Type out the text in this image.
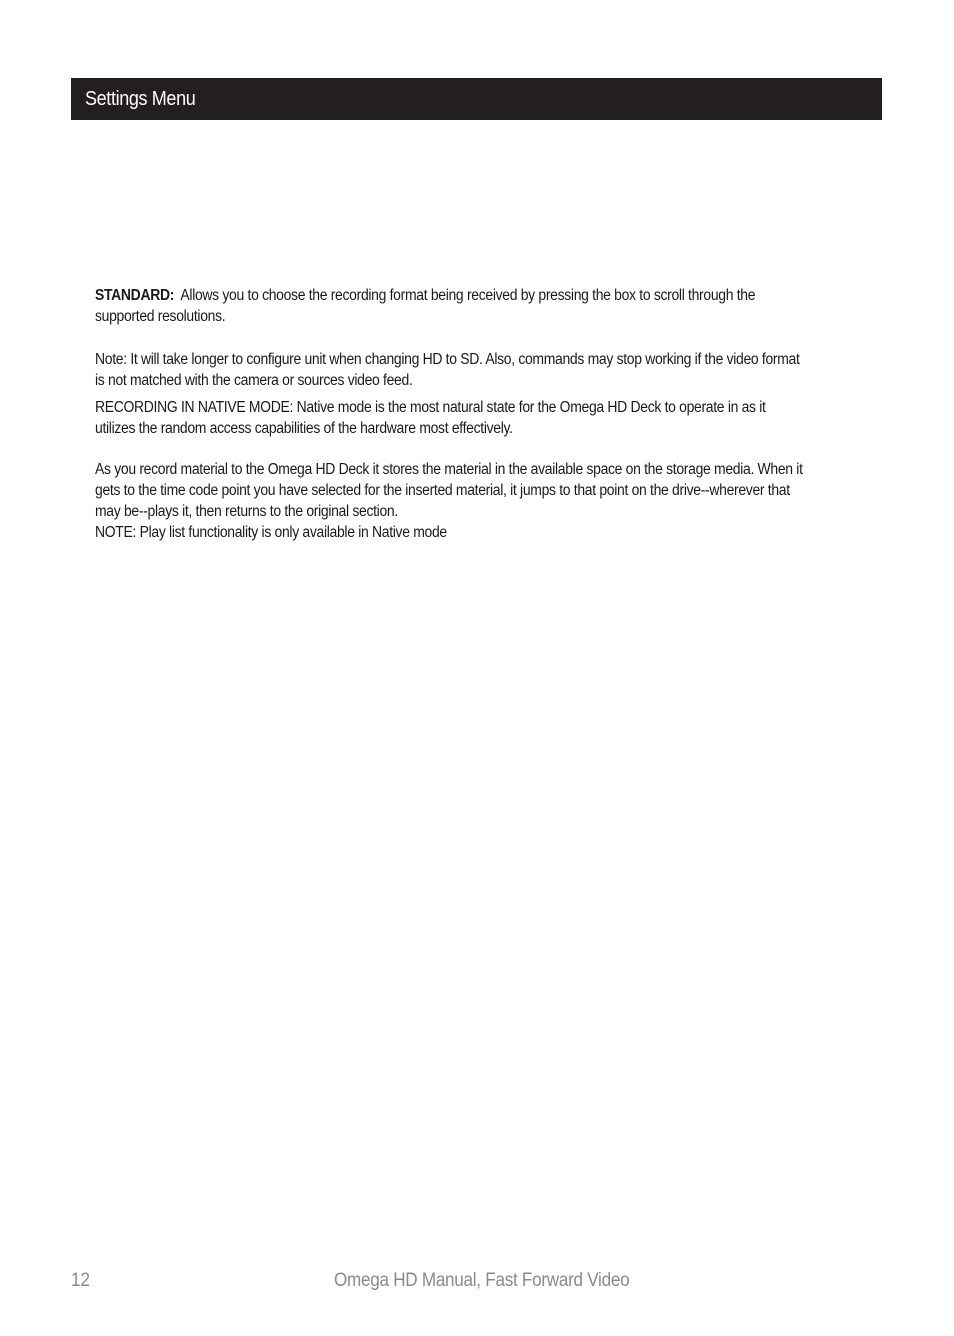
Settings Menu

STANDARD: Allows you to choose the recording format being received by pressing the box to scroll through the supported resolutions.

Note: It will take longer to configure unit when changing HD to SD. Also, commands may stop working if the video format is not matched with the camera or sources video feed.

RECORDING IN NATIVE MODE: Native mode is the most natural state for the Omega HD Deck to operate in as it utilizes the random access capabilities of the hardware most effectively.

As you record material to the Omega HD Deck it stores the material in the available space on the storage media. When it gets to the time code point you have selected for the inserted material, it jumps to that point on the drive--wherever that may be--plays it, then returns to the original section.

NOTE: Play list functionality is only available in Native mode

12	Omega HD Manual, Fast Forward Video
